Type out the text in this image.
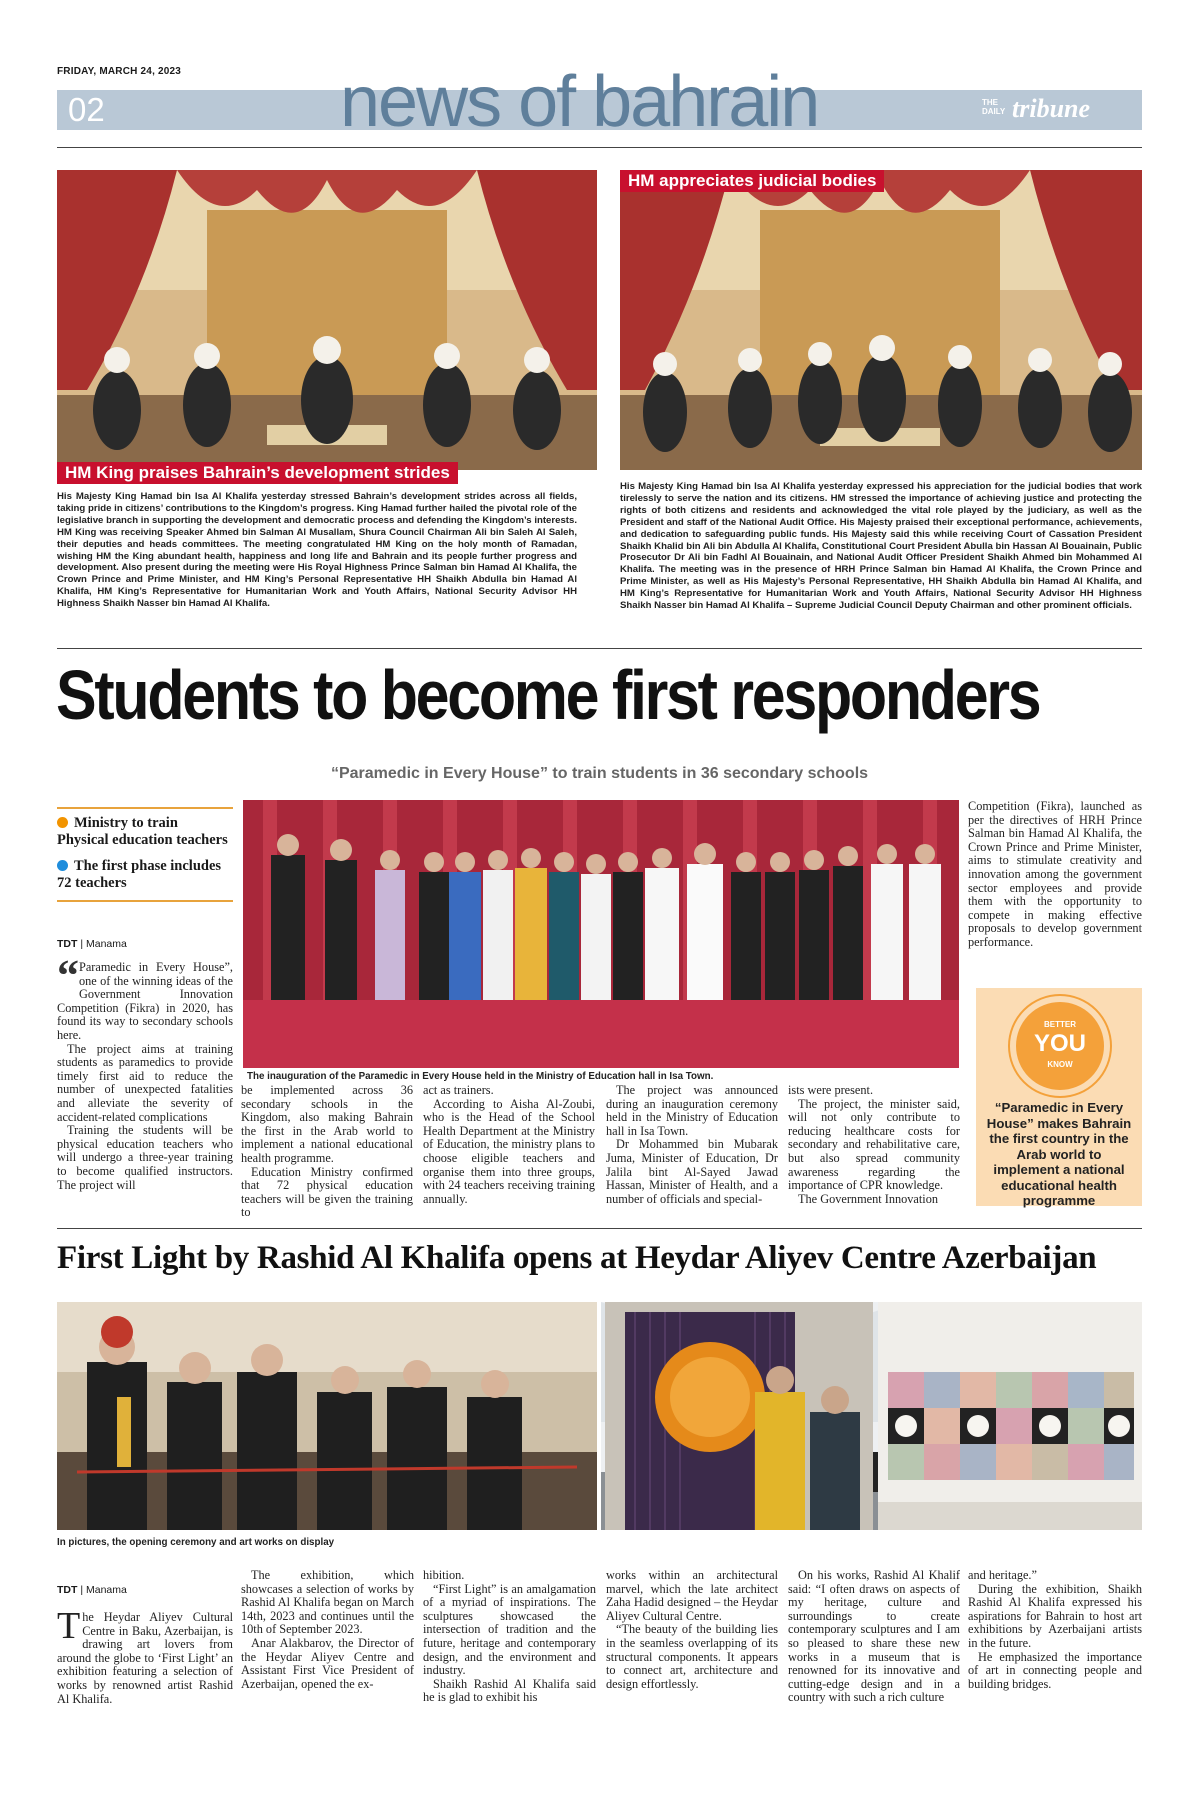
FRIDAY, MARCH 24, 2023
02	news of bahrain	THE DAILY tribune
HM King praises Bahrain’s development strides
His Majesty King Hamad bin Isa Al Khalifa yesterday stressed Bahrain’s development strides across all fields, taking pride in citizens’ contributions to the Kingdom’s progress. King Hamad further hailed the pivotal role of the legislative branch in supporting the development and democratic process and defending the Kingdom’s interests. HM King was receiving Speaker Ahmed bin Salman Al Musallam, Shura Council Chairman Ali bin Saleh Al Saleh, their deputies and heads committees. The meeting congratulated HM King on the holy month of Ramadan, wishing HM the King abundant health, happiness and long life and Bahrain and its people further progress and development. Also present during the meeting were His Royal Highness Prince Salman bin Hamad Al Khalifa, the Crown Prince and Prime Minister, and HM King’s Personal Representative HH Shaikh Abdulla bin Hamad Al Khalifa, HM King’s Representative for Humanitarian Work and Youth Affairs, National Security Advisor HH Highness Shaikh Nasser bin Hamad Al Khalifa.
HM appreciates judicial bodies
His Majesty King Hamad bin Isa Al Khalifa yesterday expressed his appreciation for the judicial bodies that work tirelessly to serve the nation and its citizens. HM stressed the importance of achieving justice and protecting the rights of both citizens and residents and acknowledged the vital role played by the judiciary, as well as the President and staff of the National Audit Office. His Majesty praised their exceptional performance, achievements, and dedication to safeguarding public funds. His Majesty said this while receiving Court of Cassation President Shaikh Khalid bin Ali bin Abdulla Al Khalifa, Constitutional Court President Abulla bin Hassan Al Bouainain, Public Prosecutor Dr Ali bin Fadhl Al Bouainain, and National Audit Officer President Shaikh Ahmed bin Mohammed Al Khalifa. The meeting was in the presence of HRH Prince Salman bin Hamad Al Khalifa, the Crown Prince and Prime Minister, as well as His Majesty’s Personal Representative, HH Shaikh Abdulla bin Hamad Al Khalifa, and HM King’s Representative for Humanitarian Work and Youth Affairs, National Security Advisor HH Highness Shaikh Nasser bin Hamad Al Khalifa – Supreme Judicial Council Deputy Chairman and other prominent officials.
Students to become first responders
“Paramedic in Every House” to train students in 36 secondary schools
Ministry to train Physical education teachers
The first phase includes 72 teachers
TDT | Manama
The inauguration of the Paramedic in Every House held in the Ministry of Education hall in Isa Town.

“ Paramedic in Every House”, one of the winning ideas of the Government Innovation Competition (Fikra) in 2020, has found its way to secondary schools here.

The project aims at training students as paramedics to provide timely first aid to reduce the number of unexpected fatalities and alleviate the severity of accident-related complications

Training the students will be physical education teachers who will undergo a three-year training to become qualified instructors. The project will

be implemented across 36 secondary schools in the Kingdom, also making Bahrain the first in the Arab world to implement a national educational health programme.

Education Ministry confirmed that 72 physical education teachers will be given the training to

act as trainers.

According to Aisha Al-Zoubi, who is the Head of the School Health Department at the Ministry of Education, the ministry plans to choose eligible teachers and organise them into three groups, with 24 teachers receiving training annually.

The project was announced during an inauguration ceremony held in the Ministry of Education hall in Isa Town.

Dr Mohammed bin Mubarak Juma, Minister of Education, Dr Jalila bint Al-Sayed Jawad Hassan, Minister of Health, and a number of officials and special-

ists were present.

The project, the minister said, will not only contribute to reducing healthcare costs for secondary and rehabilitative care, but also spread community awareness regarding the importance of CPR knowledge.

The Government Innovation

Competition (Fikra), launched as per the directives of HRH Prince Salman bin Hamad Al Khalifa, the Crown Prince and Prime Minister, aims to stimulate creativity and innovation among the government sector employees and provide them with the opportunity to compete in making effective proposals to develop government performance.

BETTER
YOU
KNOW
“Paramedic in Every House” makes Bahrain the first country in the Arab world to implement a national educational health programme
First Light by Rashid Al Khalifa opens at Heydar Aliyev Centre Azerbaijan
In pictures, the opening ceremony and art works on display
TDT | Manama

The Heydar Aliyev Cultural Centre in Baku, Azerbaijan, is drawing art lovers from around the globe to ‘First Light’ an exhibition featuring a selection of works by renowned artist Rashid Al Khalifa.

The exhibition, which showcases a selection of works by Rashid Al Khalifa began on March 14th, 2023 and continues until the 10th of September 2023.

Anar Alakbarov, the Director of the Heydar Aliyev Centre and Assistant First Vice President of Azerbaijan, opened the ex-

hibition.

“First Light” is an amalgamation of a myriad of inspirations. The sculptures showcased the intersection of tradition and the future, heritage and contemporary design, and the environment and industry.

Shaikh Rashid Al Khalifa said he is glad to exhibit his

works within an architectural marvel, which the late architect Zaha Hadid designed – the Heydar Aliyev Cultural Centre.

“The beauty of the building lies in the seamless overlapping of its structural components. It appears to connect art, architecture and design effortlessly.

On his works, Rashid Al Khalif said: “I often draws on aspects of my heritage, culture and surroundings to create contemporary sculptures and I am so pleased to share these new works in a museum that is renowned for its innovative and cutting-edge design and in a country with such a rich culture

and heritage.”

During the exhibition, Shaikh Rashid Al Khalifa expressed his aspirations for Bahrain to host art exhibitions by Azerbaijani artists in the future.

He emphasized the importance of art in connecting people and building bridges.
